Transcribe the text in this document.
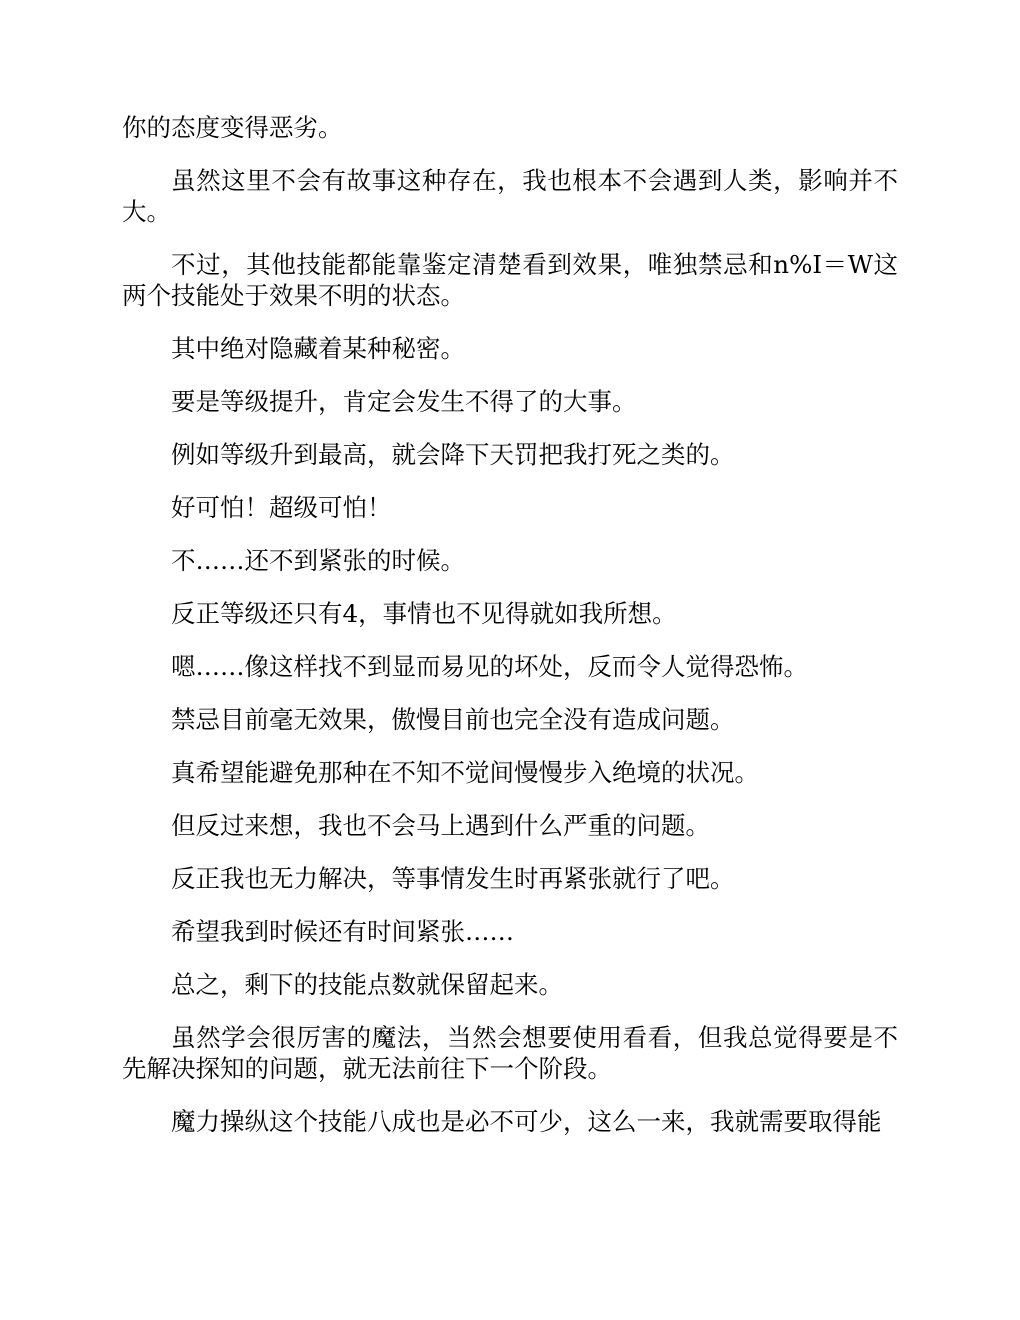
你的态度变得恶劣。

虽然这里不会有故事这种存在，我也根本不会遇到人类，影响并不大。

不过，其他技能都能靠鉴定清楚看到效果，唯独禁忌和n%I＝W这两个技能处于效果不明的状态。

其中绝对隐藏着某种秘密。

要是等级提升，肯定会发生不得了的大事。

例如等级升到最高，就会降下天罚把我打死之类的。

好可怕！超级可怕！

不……还不到紧张的时候。

反正等级还只有4，事情也不见得就如我所想。

嗯……像这样找不到显而易见的坏处，反而令人觉得恐怖。

禁忌目前毫无效果，傲慢目前也完全没有造成问题。

真希望能避免那种在不知不觉间慢慢步入绝境的状况。

但反过来想，我也不会马上遇到什么严重的问题。

反正我也无力解决，等事情发生时再紧张就行了吧。

希望我到时候还有时间紧张……

总之，剩下的技能点数就保留起来。

虽然学会很厉害的魔法，当然会想要使用看看，但我总觉得要是不先解决探知的问题，就无法前往下一个阶段。

魔力操纵这个技能八成也是必不可少，这么一来，我就需要取得能
